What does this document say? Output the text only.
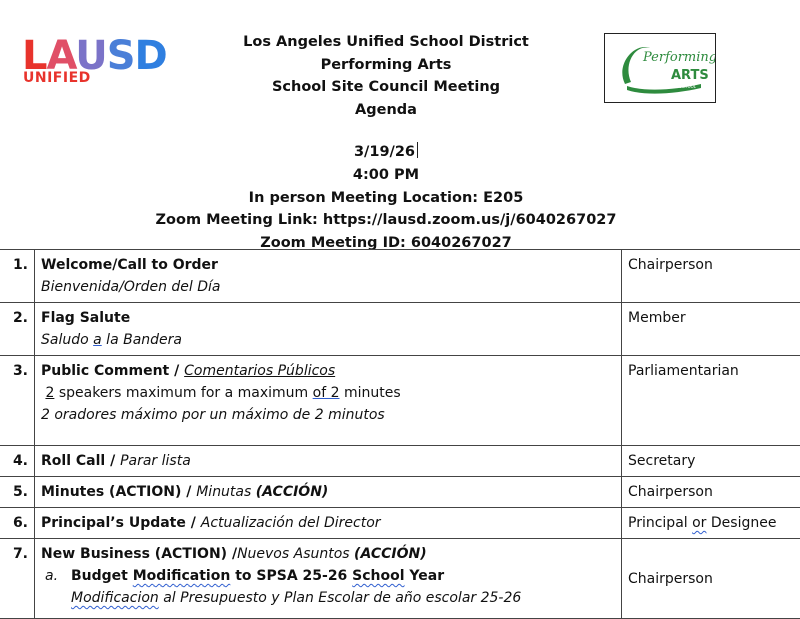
LAUSD
UNIFIED
Los Angeles Unified School District
Performing Arts
School Site Council Meeting
Agenda
3/19/26
4:00 PM
In person Meeting Location: E205
Zoom Meeting Link: https://lausd.zoom.us/j/6040267027
Zoom Meeting ID: 6040267027
Performing
ARTS
COMMUNITY SCHOOL
1.	Welcome/Call to Order
Bienvenida/Orden del Día	Chairperson
2.	Flag Salute
Saludo a la Bandera	Member
3.	Public Comment / Comentarios Públicos
2 speakers maximum for a maximum of 2 minutes
2 oradores máximo por un máximo de 2 minutos	Parliamentarian
4.	Roll Call / Parar lista	Secretary
5.	Minutes (ACTION) / Minutas (ACCIÓN)	Chairperson
6.	Principal’s Update / Actualización del Director	Principal or Designee
7.	New Business (ACTION) /Nuevos Asuntos (ACCIÓN)
a. Budget Modification to SPSA 25-26 School Year
Modificacion al Presupuesto y Plan Escolar de año escolar 25-26	Chairperson
